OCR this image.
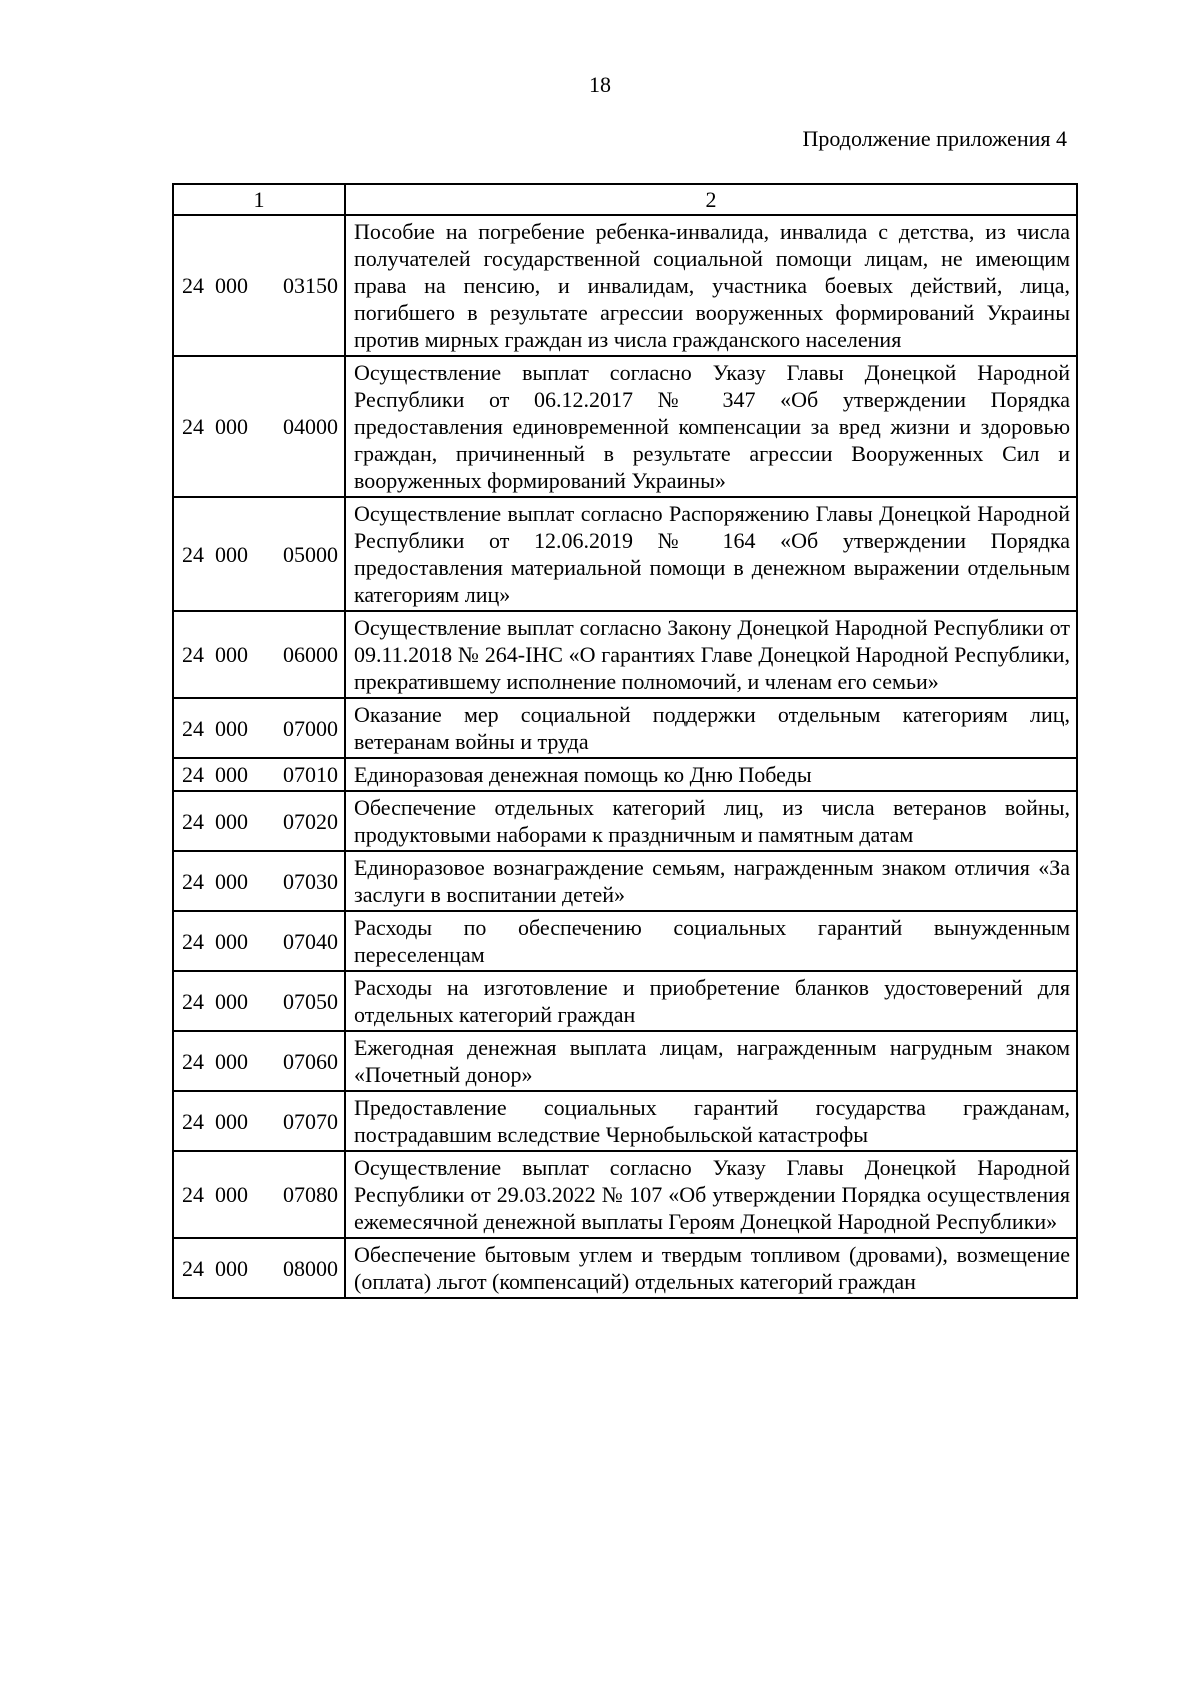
18
Продолжение приложения 4
1	2

24  000 03150	Пособие на погребение ребенка-инвалида, инвалида с детства, из числа получателей государственной социальной помощи лицам, не имеющим права на пенсию, и инвалидам, участника боевых действий, лица, погибшего в результате агрессии вооруженных формирований Украины против мирных граждан из числа гражданского населения

24  000 04000	Осуществление выплат согласно Указу Главы Донецкой Народной Республики от 06.12.2017 № 347 «Об утверждении Порядка предоставления единовременной компенсации за вред жизни и здоровью граждан, причиненный в результате агрессии Вооруженных Сил и вооруженных формирований Украины»

24  000 05000	Осуществление выплат согласно Распоряжению Главы Донецкой Народной Республики от 12.06.2019 № 164 «Об утверждении Порядка предоставления материальной помощи в денежном выражении отдельным категориям лиц»

24  000 06000	Осуществление выплат согласно Закону Донецкой Народной Республики от 09.11.2018 № 264-IНС «О гарантиях Главе Донецкой Народной Республики, прекратившему исполнение полномочий, и членам его семьи»

24  000 07000	Оказание мер социальной поддержки отдельным категориям лиц, ветеранам войны и труда

24  000 07010	Единоразовая денежная помощь ко Дню Победы

24  000 07020	Обеспечение отдельных категорий лиц, из числа ветеранов войны, продуктовыми наборами к праздничным и памятным датам

24  000 07030	Единоразовое вознаграждение семьям, награжденным знаком отличия «За заслуги в воспитании детей»

24  000 07040	Расходы по обеспечению социальных гарантий вынужденным переселенцам

24  000 07050	Расходы на изготовление и приобретение бланков удостоверений для отдельных категорий граждан

24  000 07060	Ежегодная денежная выплата лицам, награжденным нагрудным знаком «Почетный донор»

24  000 07070	Предоставление социальных гарантий государства гражданам, пострадавшим вследствие Чернобыльской катастрофы

24  000 07080	Осуществление выплат согласно Указу Главы Донецкой Народной Республики от 29.03.2022 № 107 «Об утверждении Порядка осуществления ежемесячной денежной выплаты Героям Донецкой Народной Республики»

24  000 08000	Обеспечение бытовым углем и твердым топливом (дровами), возмещение (оплата) льгот (компенсаций) отдельных категорий граждан
